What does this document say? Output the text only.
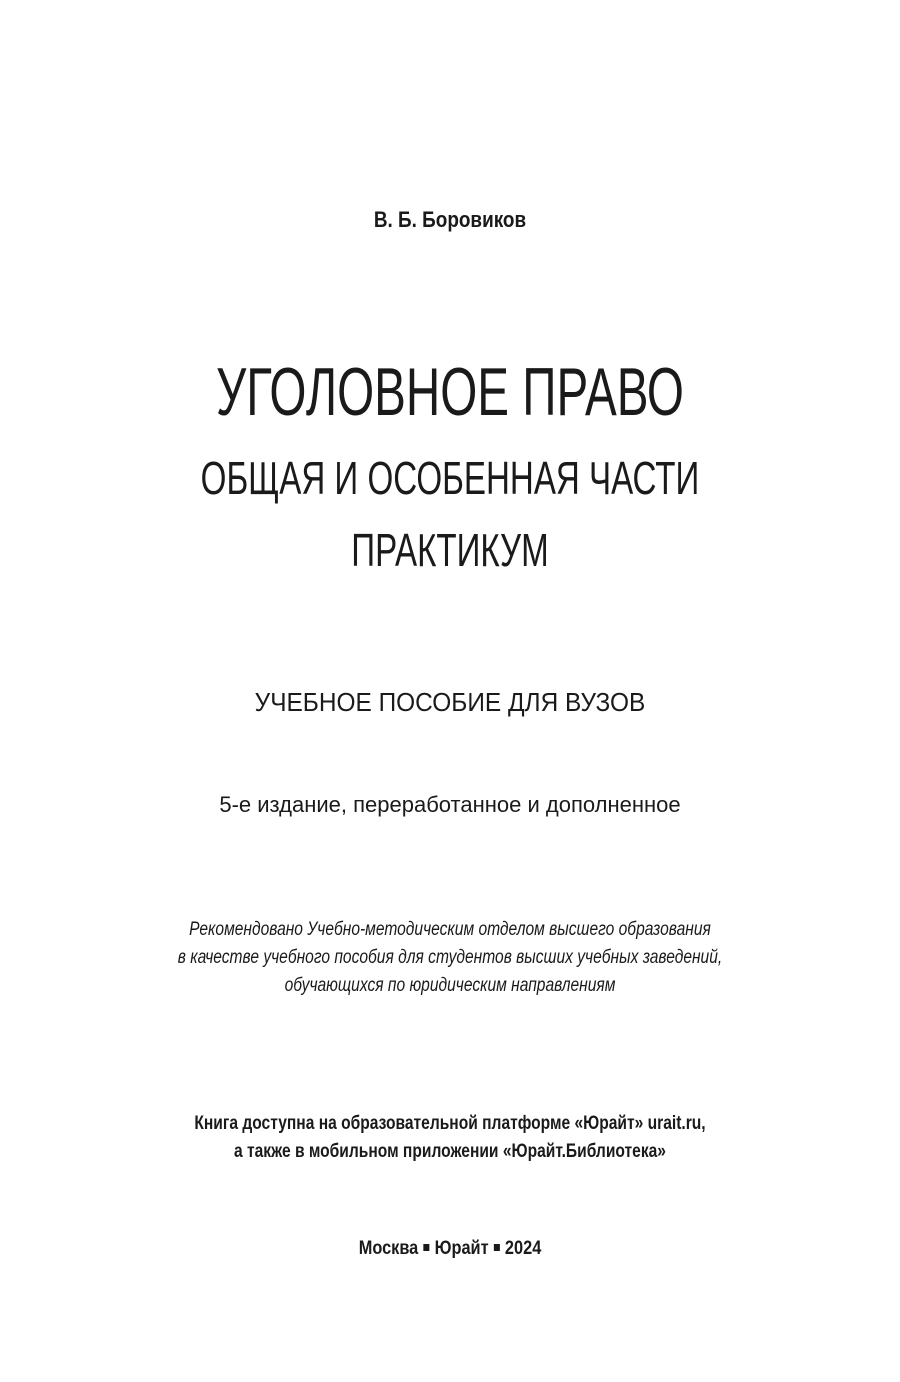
В. Б. Боровиков
УГОЛОВНОЕ ПРАВО
ОБЩАЯ И ОСОБЕННАЯ ЧАСТИ
ПРАКТИКУМ
УЧЕБНОЕ ПОСОБИЕ ДЛЯ ВУЗОВ
5-е издание, переработанное и дополненное
Рекомендовано Учебно-методическим отделом высшего образования
в качестве учебного пособия для студентов высших учебных заведений,
обучающихся по юридическим направлениям
Книга доступна на образовательной платформе «Юрайт» urait.ru,
а также в мобильном приложении «Юрайт.Библиотека»
Москва Юрайт 2024
